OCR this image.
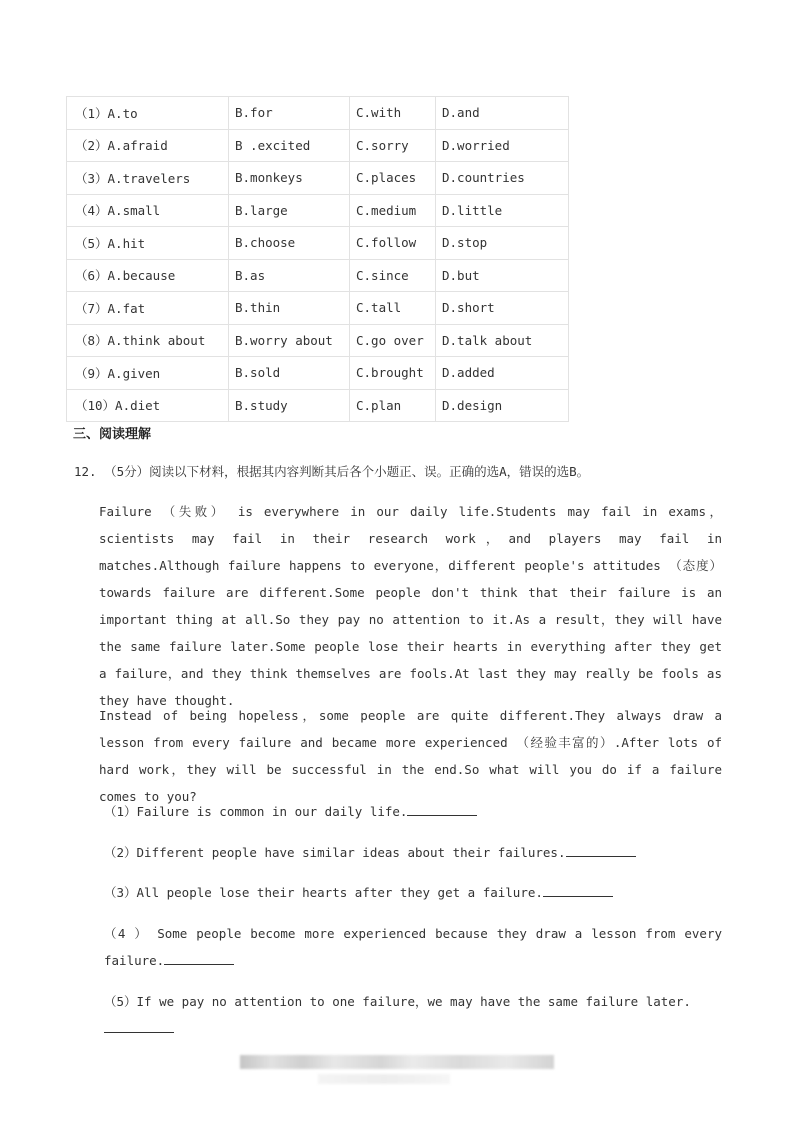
（1）A.to	B.for	C.with	D.and
（2）A.afraid	B .excited	C.sorry	D.worried
（3）A.travelers	B.monkeys	C.places	D.countries
（4）A.small	B.large	C.medium	D.little
（5）A.hit	B.choose	C.follow	D.stop
（6）A.because	B.as	C.since	D.but
（7）A.fat	B.thin	C.tall	D.short
（8）A.think about	B.worry about	C.go over	D.talk about
（9）A.given	B.sold	C.brought	D.added
（10）A.diet	B.study	C.plan	D.design
三、阅读理解
12. （5分）阅读以下材料，根据其内容判断其后各个小题正、误。正确的选A，错误的选B。
Failure （失败） is everywhere in our daily life.Students may fail in exams，scientists may fail in their research work，and players may fail in matches.Although failure happens to everyone，different people's attitudes （态度） towards failure are different.Some people don't think that their failure is an important thing at all.So they pay no attention to it.As a result，they will have the same failure later.Some people lose their hearts in everything after they get a failure，and they think themselves are fools.At last they may really be fools as they have thought.
Instead of being hopeless，some people are quite different.They always draw a lesson from every failure and became more experienced （经验丰富的）.After lots of hard work，they will be successful in the end.So what will you do if a failure comes to you?
（1）Failure is common in our daily life.
（2）Different people have similar ideas about their failures.
（3）All people lose their hearts after they get a failure.
（4 ） Some people become more experienced because they draw a lesson from every
failure.
（5）If we pay no attention to one failure，we may have the same failure later.
